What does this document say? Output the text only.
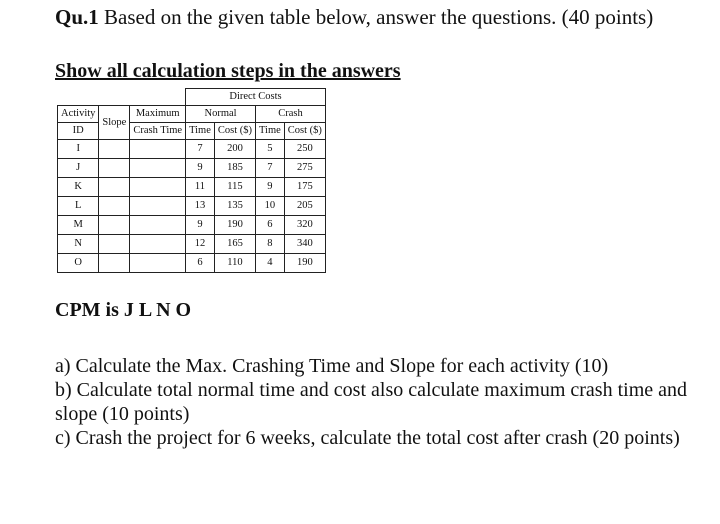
Qu.1 Based on the given table below, answer the questions. (40 points)
Show all calculation steps in the answers
			Direct Costs			
Activity	Slope	Maximum	Normal		Crash	
ID		Crash Time	Time	Cost ($)	Time	Cost ($)
I			7	200	5	250
J			9	185	7	275
K			11	115	9	175
L			13	135	10	205
M			9	190	6	320
N			12	165	8	340
O			6	110	4	190
CPM is J L N O
a) Calculate the Max. Crashing Time and Slope for each activity (10)
b) Calculate total normal time and cost also calculate maximum crash time and slope (10 points)
c) Crash the project for 6 weeks, calculate the total cost after crash (20 points)
